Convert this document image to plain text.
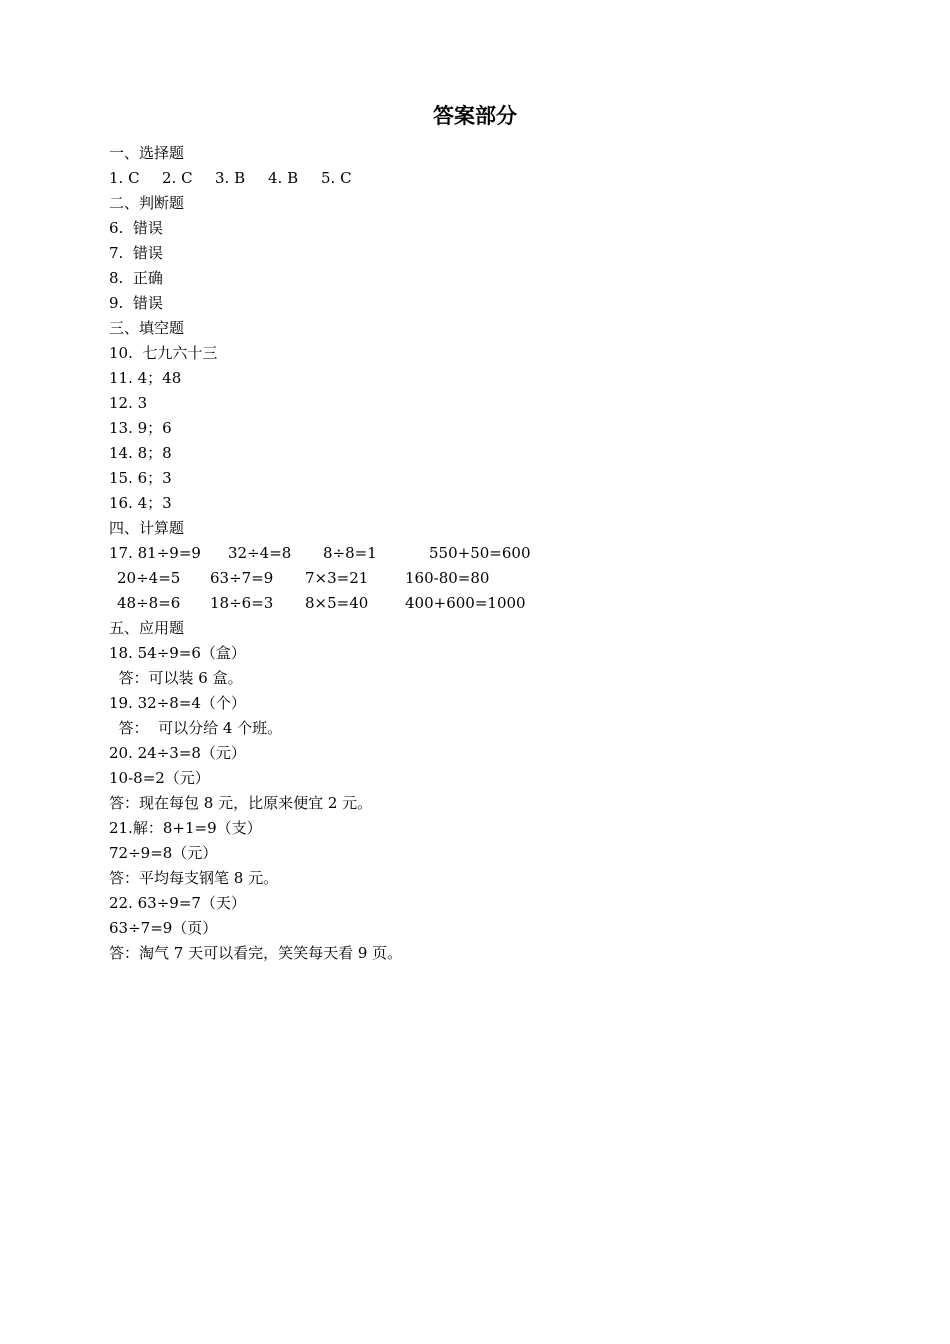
答案部分
一、选择题
1. C 2. C 3. B 4. B 5. C
二、判断题
6.  错误
7.  错误
8.  正确
9.  错误
三、填空题
10.  七九六十三
11. 4；48
12. 3
13. 9；6
14. 8；8
15. 6；3
16. 4；3
四、计算题
17. 81÷9=9 32÷4=8 8÷8=1	550+50=600
20÷4=5 63÷7=9 7×3=21 160-80=80
48÷8=6 18÷6=3 8×5=40 400+600=1000
五、应用题
18. 54÷9=6（盒）
答：可以装 6 盒。
19. 32÷8=4（个）
答：  可以分给 4 个班。
20. 24÷3=8（元）
10-8=2（元）
答：现在每包 8 元，比原来便宜 2 元。
21.解：8+1=9（支）
72÷9=8（元）
答：平均每支钢笔 8 元。
22. 63÷9=7（天）
63÷7=9（页）
答：淘气 7 天可以看完，笑笑每天看 9 页。
